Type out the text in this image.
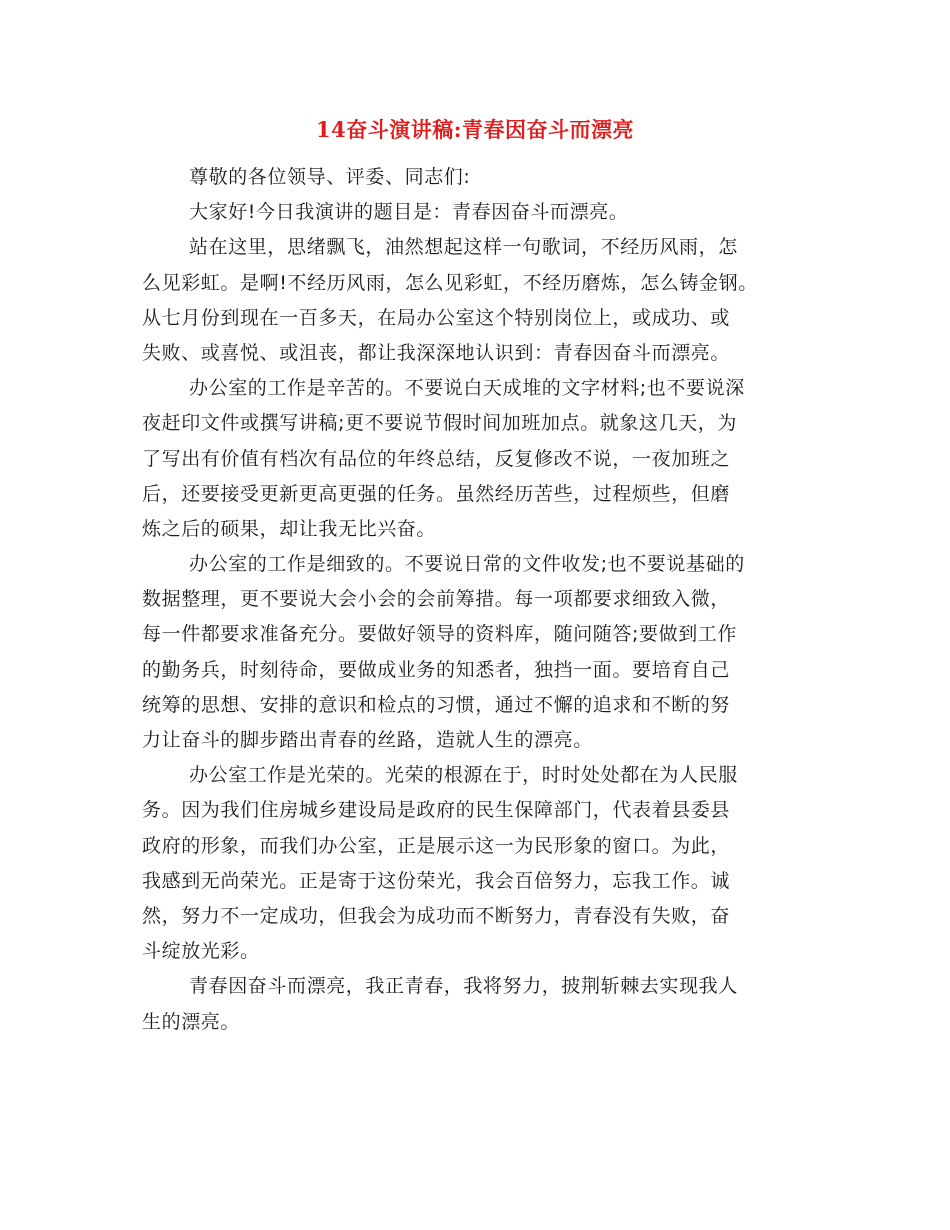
14奋斗演讲稿:青春因奋斗而漂亮
尊敬的各位领导、评委、同志们:
大家好!今日我演讲的题目是：青春因奋斗而漂亮。
站在这里，思绪飘飞，油然想起这样一句歌词，不经历风雨，怎
么见彩虹。是啊!不经历风雨，怎么见彩虹，不经历磨炼，怎么铸金钢。
从七月份到现在一百多天，在局办公室这个特别岗位上，或成功、或
失败、或喜悦、或沮丧，都让我深深地认识到：青春因奋斗而漂亮。
办公室的工作是辛苦的。不要说白天成堆的文字材料;也不要说深
夜赶印文件或撰写讲稿;更不要说节假时间加班加点。就象这几天，为
了写出有价值有档次有品位的年终总结，反复修改不说，一夜加班之
后，还要接受更新更高更强的任务。虽然经历苦些，过程烦些，但磨
炼之后的硕果，却让我无比兴奋。
办公室的工作是细致的。不要说日常的文件收发;也不要说基础的
数据整理，更不要说大会小会的会前筹措。每一项都要求细致入微，
每一件都要求准备充分。要做好领导的资料库，随问随答;要做到工作
的勤务兵，时刻待命，要做成业务的知悉者，独挡一面。要培育自己
统筹的思想、安排的意识和检点的习惯，通过不懈的追求和不断的努
力让奋斗的脚步踏出青春的丝路，造就人生的漂亮。
办公室工作是光荣的。光荣的根源在于，时时处处都在为人民服
务。因为我们住房城乡建设局是政府的民生保障部门，代表着县委县
政府的形象，而我们办公室，正是展示这一为民形象的窗口。为此，
我感到无尚荣光。正是寄于这份荣光，我会百倍努力，忘我工作。诚
然，努力不一定成功，但我会为成功而不断努力，青春没有失败，奋
斗绽放光彩。
青春因奋斗而漂亮，我正青春，我将努力，披荆斩棘去实现我人
生的漂亮。
